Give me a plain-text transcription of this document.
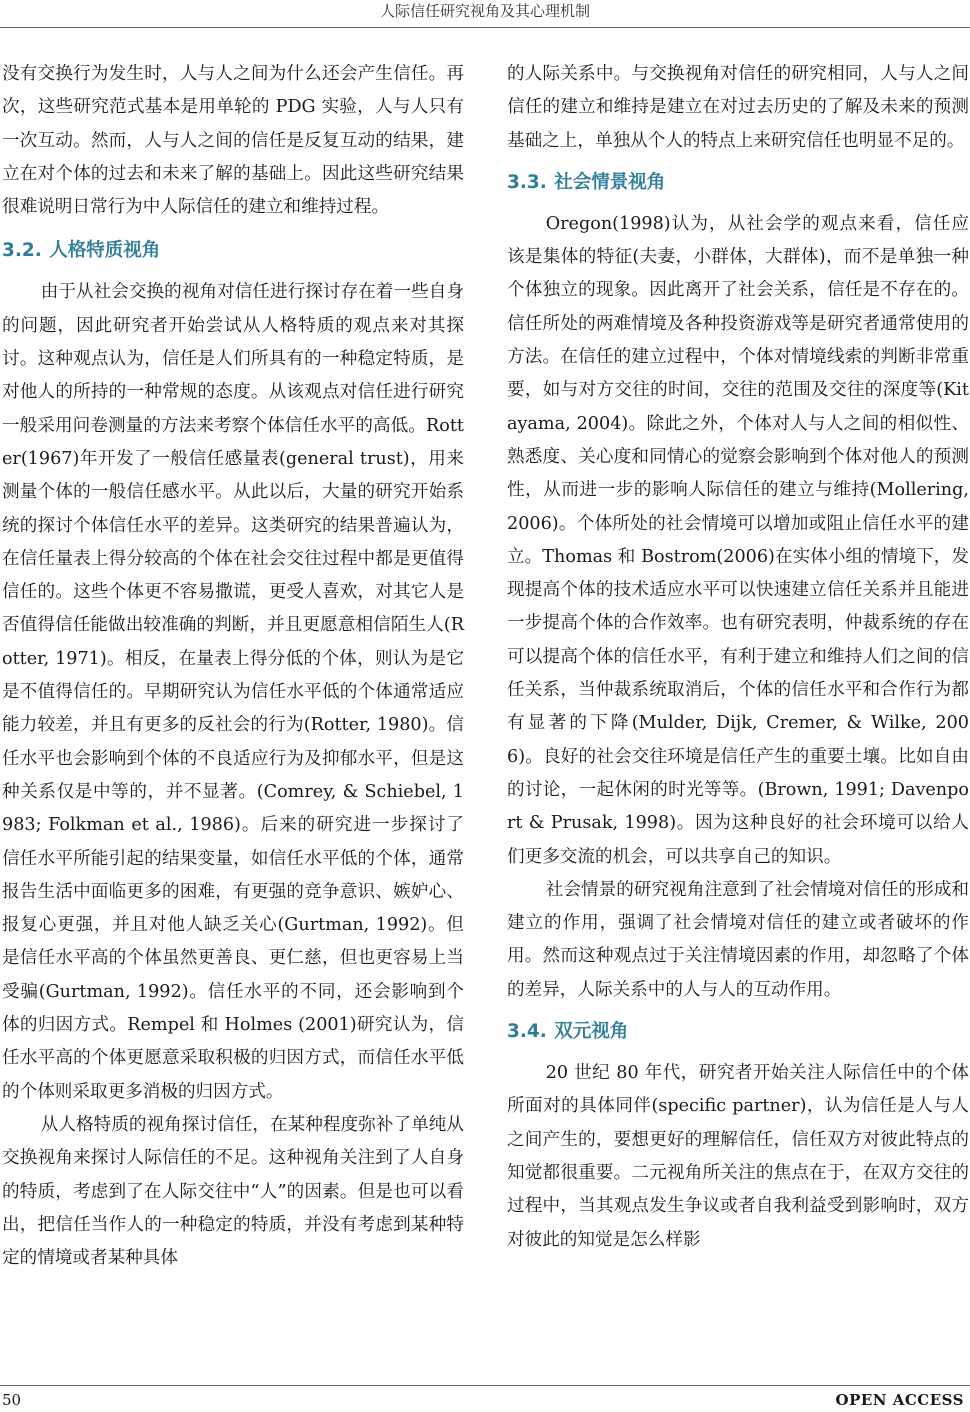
人际信任研究视角及其心理机制

没有交换行为发生时，人与人之间为什么还会产生信任。再次，这些研究范式基本是用单轮的 PDG 实验，人与人只有一次互动。然而，人与人之间的信任是反复互动的结果，建立在对个体的过去和未来了解的基础上。因此这些研究结果很难说明日常行为中人际信任的建立和维持过程。

3.2. 人格特质视角

由于从社会交换的视角对信任进行探讨存在着一些自身的问题，因此研究者开始尝试从人格特质的观点来对其探讨。这种观点认为，信任是人们所具有的一种稳定特质，是对他人的所持的一种常规的态度。从该观点对信任进行研究一般采用问卷测量的方法来考察个体信任水平的高低。Rotter(1967)年开发了一般信任感量表(general trust)，用来测量个体的一般信任感水平。从此以后，大量的研究开始系统的探讨个体信任水平的差异。这类研究的结果普遍认为，在信任量表上得分较高的个体在社会交往过程中都是更值得信任的。这些个体更不容易撒谎，更受人喜欢，对其它人是否值得信任能做出较准确的判断，并且更愿意相信陌生人(Rotter, 1971)。相反，在量表上得分低的个体，则认为是它是不值得信任的。早期研究认为信任水平低的个体通常适应能力较差，并且有更多的反社会的行为(Rotter, 1980)。信任水平也会影响到个体的不良适应行为及抑郁水平，但是这种关系仅是中等的，并不显著。(Comrey, & Schiebel, 1983; Folkman et al., 1986)。后来的研究进一步探讨了信任水平所能引起的结果变量，如信任水平低的个体，通常报告生活中面临更多的困难，有更强的竞争意识、嫉妒心、报复心更强，并且对他人缺乏关心(Gurtman, 1992)。但是信任水平高的个体虽然更善良、更仁慈，但也更容易上当受骗(Gurtman, 1992)。信任水平的不同，还会影响到个体的归因方式。Rempel 和 Holmes (2001)研究认为，信任水平高的个体更愿意采取积极的归因方式，而信任水平低的个体则采取更多消极的归因方式。

从人格特质的视角探讨信任，在某种程度弥补了单纯从交换视角来探讨人际信任的不足。这种视角关注到了人自身的特质，考虑到了在人际交往中“人”的因素。但是也可以看出，把信任当作人的一种稳定的特质，并没有考虑到某种特定的情境或者某种具体

的人际关系中。与交换视角对信任的研究相同，人与人之间信任的建立和维持是建立在对过去历史的了解及未来的预测基础之上，单独从个人的特点上来研究信任也明显不足的。

3.3. 社会情景视角

Oregon(1998)认为，从社会学的观点来看，信任应该是集体的特征(夫妻，小群体，大群体)，而不是单独一种个体独立的现象。因此离开了社会关系，信任是不存在的。信任所处的两难情境及各种投资游戏等是研究者通常使用的方法。在信任的建立过程中，个体对情境线索的判断非常重要，如与对方交往的时间，交往的范围及交往的深度等(Kitayama, 2004)。除此之外，个体对人与人之间的相似性、熟悉度、关心度和同情心的觉察会影响到个体对他人的预测性，从而进一步的影响人际信任的建立与维持(Mollering, 2006)。个体所处的社会情境可以增加或阻止信任水平的建立。Thomas 和 Bostrom(2006)在实体小组的情境下，发现提高个体的技术适应水平可以快速建立信任关系并且能进一步提高个体的合作效率。也有研究表明，仲裁系统的存在可以提高个体的信任水平，有利于建立和维持人们之间的信任关系，当仲裁系统取消后，个体的信任水平和合作行为都有显著的下降(Mulder, Dijk, Cremer, & Wilke, 2006)。良好的社会交往环境是信任产生的重要土壤。比如自由的讨论，一起休闲的时光等等。(Brown, 1991; Davenport & Prusak, 1998)。因为这种良好的社会环境可以给人们更多交流的机会，可以共享自己的知识。

社会情景的研究视角注意到了社会情境对信任的形成和建立的作用，强调了社会情境对信任的建立或者破坏的作用。然而这种观点过于关注情境因素的作用，却忽略了个体的差异，人际关系中的人与人的互动作用。

3.4. 双元视角

20 世纪 80 年代，研究者开始关注人际信任中的个体所面对的具体同伴(specific partner)，认为信任是人与人之间产生的，要想更好的理解信任，信任双方对彼此特点的知觉都很重要。二元视角所关注的焦点在于，在双方交往的过程中，当其观点发生争议或者自我利益受到影响时，双方对彼此的知觉是怎么样影

50	OPEN ACCESS
